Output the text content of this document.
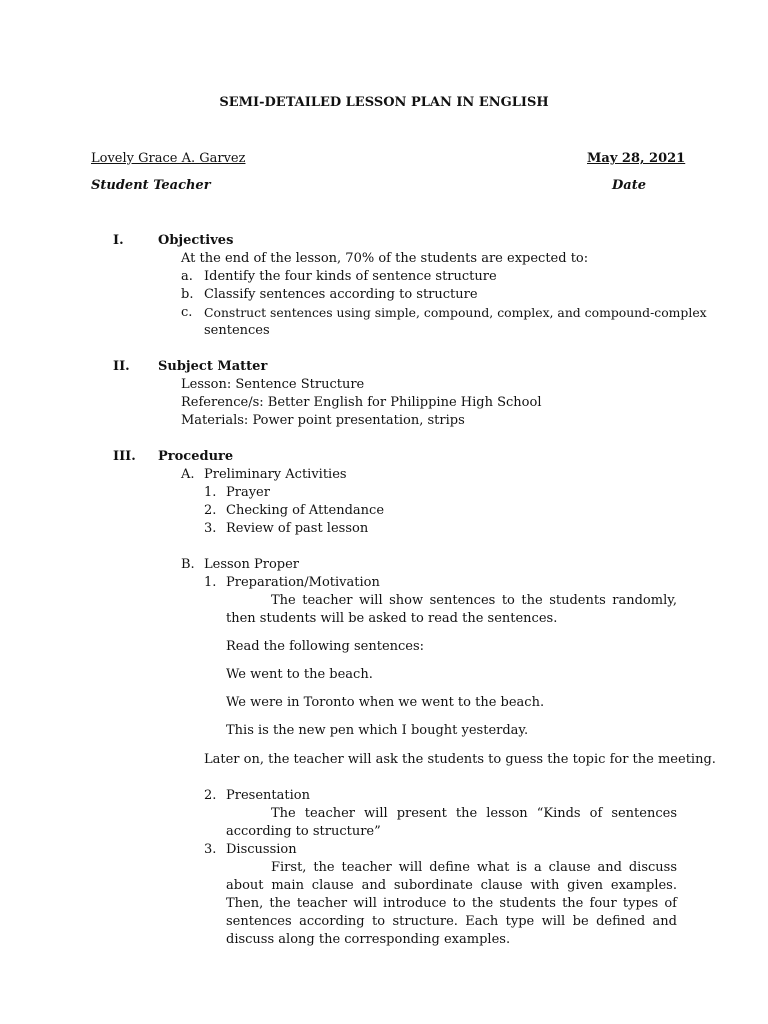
SEMI-DETAILED LESSON PLAN IN ENGLISH
Lovely Grace A. Garvez	May 28, 2021
Student Teacher	Date
I.	Objectives
At the end of the lesson, 70% of the students are expected to:
a. Identify the four kinds of sentence structure
b. Classify sentences according to structure
c. Construct sentences using simple, compound, complex, and compound-complex
sentences
II. Subject Matter
Lesson: Sentence Structure
Reference/s: Better English for Philippine High School
Materials: Power point presentation, strips
III. Procedure
A. Preliminary Activities
1. Prayer
2. Checking of Attendance
3. Review of past lesson
B. Lesson Proper
1. Preparation/Motivation
The teacher will show sentences to the students randomly, then students will be asked to read the sentences.
Read the following sentences:
We went to the beach.
We were in Toronto when we went to the beach.
This is the new pen which I bought yesterday.
Later on, the teacher will ask the students to guess the topic for the meeting.
2. Presentation
The teacher will present the lesson “Kinds of sentences according to structure”
3. Discussion
First, the teacher will define what is a clause and discuss about main clause and subordinate clause with given examples. Then, the teacher will introduce to the students the four types of sentences according to structure. Each type will be defined and discuss along the corresponding examples.
